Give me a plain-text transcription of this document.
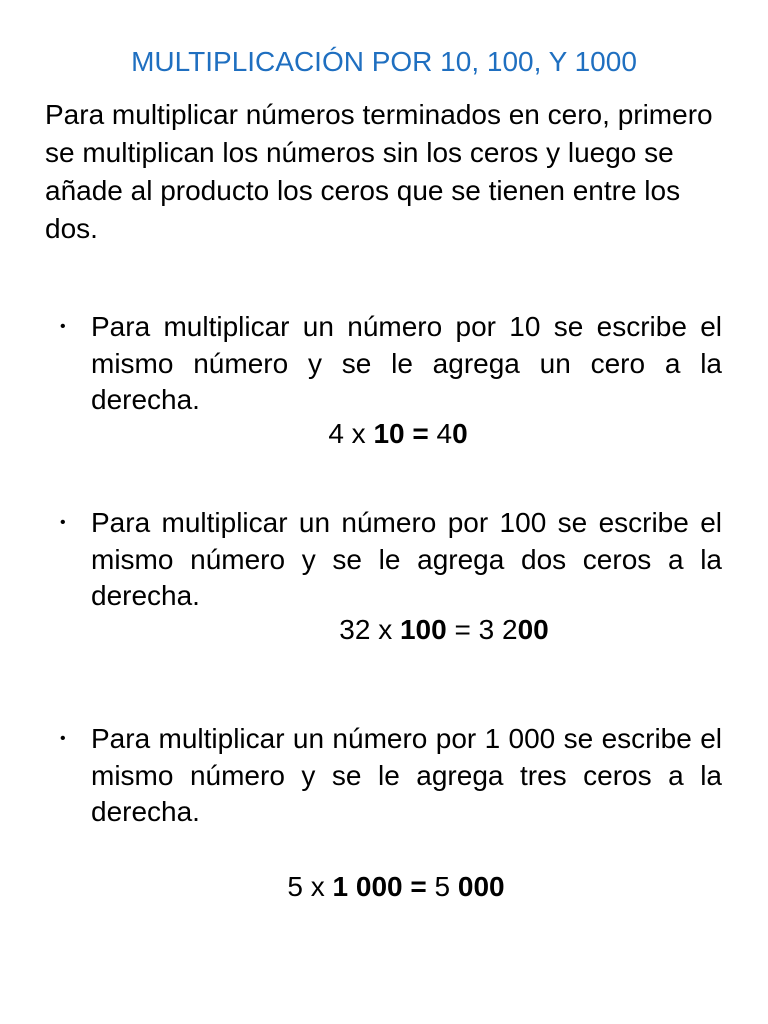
MULTIPLICACIÓN POR 10, 100, Y 1000
Para multiplicar números terminados en cero, primero se multiplican los números sin los ceros y luego se añade al producto los ceros que se tienen entre los dos.
• Para multiplicar un número por 10 se escribe el mismo número y se le agrega un cero a la derecha.
4 x 10 = 40
• Para multiplicar un número por 100 se escribe el mismo número y se le agrega dos ceros a la derecha.
32 x 100 = 3 200
• Para multiplicar un número por 1 000 se escribe el mismo número y se le agrega tres ceros a la derecha.
5 x 1 000 = 5 000
